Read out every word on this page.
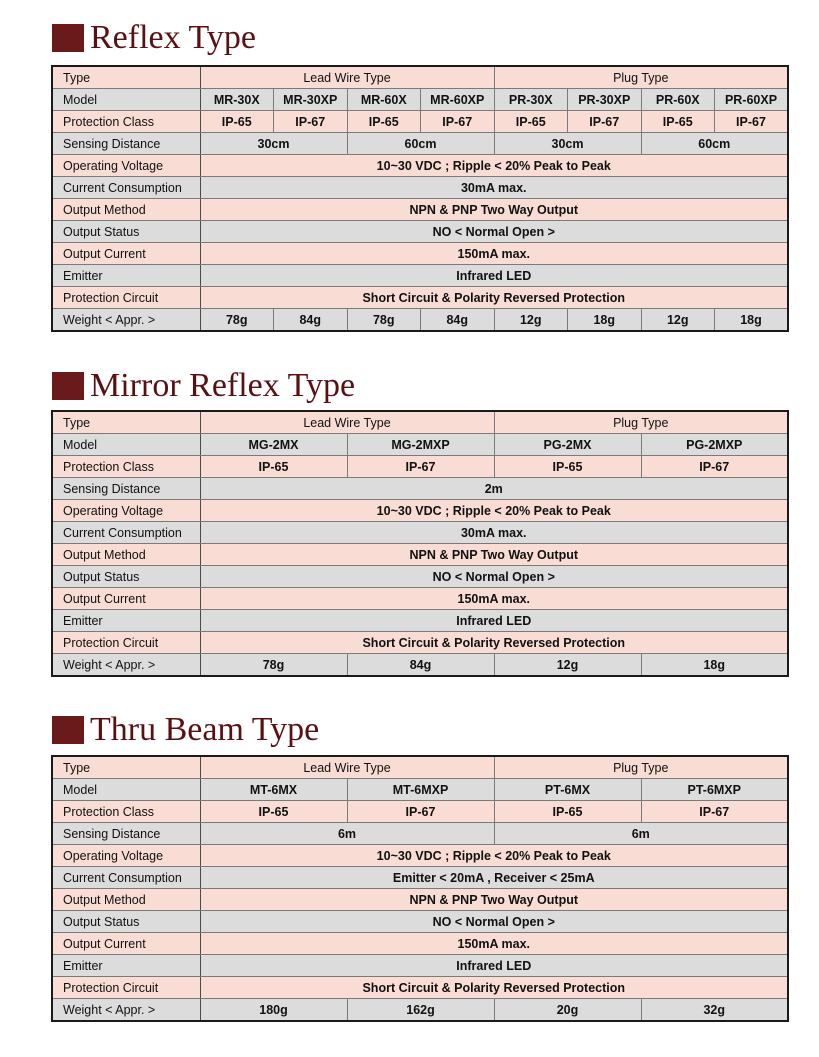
Reflex Type
Type	Lead Wire Type				Plug Type			
Model	MR-30X	MR-30XP	MR-60X	MR-60XP	PR-30X	PR-30XP	PR-60X	PR-60XP
Protection Class	IP-65	IP-67	IP-65	IP-67	IP-65	IP-67	IP-65	IP-67
Sensing Distance	30cm		60cm		30cm		60cm	
Operating Voltage	10~30 VDC ; Ripple < 20% Peak to Peak							
Current Consumption	30mA max.							
Output Method	NPN & PNP Two Way Output							
Output Status	NO < Normal Open >							
Output Current	150mA max.							
Emitter	Infrared LED							
Protection Circuit	Short Circuit & Polarity Reversed Protection							
Weight < Appr. >	78g	84g	78g	84g	12g	18g	12g	18g
Mirror Reflex Type
Type	Lead Wire Type		Plug Type	
Model	MG-2MX	MG-2MXP	PG-2MX	PG-2MXP
Protection Class	IP-65	IP-67	IP-65	IP-67
Sensing Distance	2m			
Operating Voltage	10~30 VDC ; Ripple < 20% Peak to Peak			
Current Consumption	30mA max.			
Output Method	NPN & PNP Two Way Output			
Output Status	NO < Normal Open >			
Output Current	150mA max.			
Emitter	Infrared LED			
Protection Circuit	Short Circuit & Polarity Reversed Protection			
Weight < Appr. >	78g	84g	12g	18g
Thru Beam Type
Type	Lead Wire Type		Plug Type	
Model	MT-6MX	MT-6MXP	PT-6MX	PT-6MXP
Protection Class	IP-65	IP-67	IP-65	IP-67
Sensing Distance	6m		6m	
Operating Voltage	10~30 VDC ; Ripple < 20% Peak to Peak			
Current Consumption	Emitter < 20mA , Receiver < 25mA			
Output Method	NPN & PNP Two Way Output			
Output Status	NO < Normal Open >			
Output Current	150mA max.			
Emitter	Infrared LED			
Protection Circuit	Short Circuit & Polarity Reversed Protection			
Weight < Appr. >	180g	162g	20g	32g
